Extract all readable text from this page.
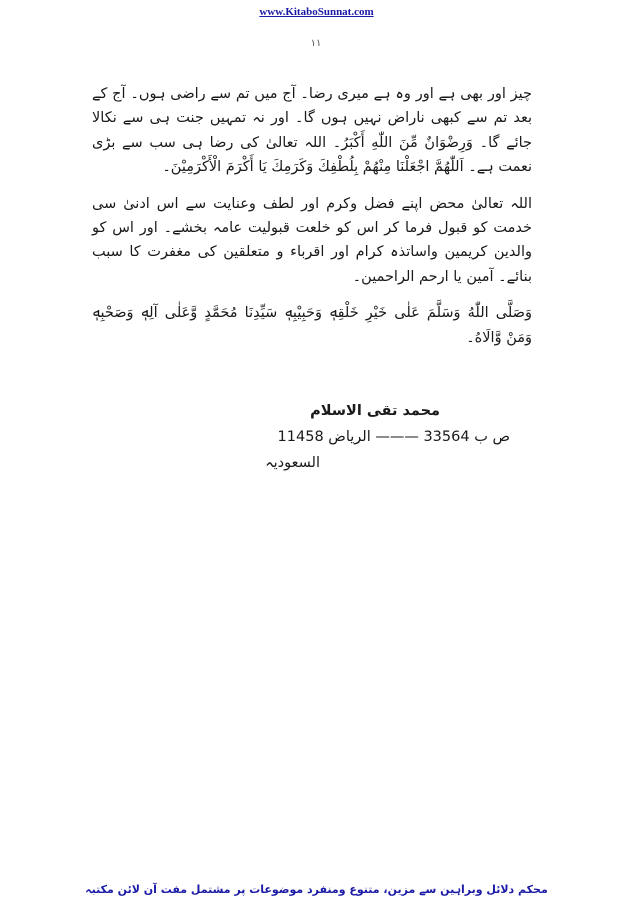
www.KitaboSunnat.com
۱۱

چیز اور بھی ہے اور وہ ہے میری رضا۔ آج میں تم سے راضی ہوں۔ آج کے بعد تم سے کبھی ناراض نہیں ہوں گا۔ اور نہ تمہیں جنت ہی سے نکالا جائے گا۔ وَرِضْوَانٌ مِّنَ اللّٰهِ أَكْبَرُ۔ اللہ تعالیٰ کی رضا ہی سب سے بڑی نعمت ہے۔ اَللّٰهُمَّ اجْعَلْنَا مِنْهُمْ بِلُطْفِكَ وَكَرَمِكَ يَا أَكْرَمَ الْأَكْرَمِيْنَ۔

اللہ تعالیٰ محض اپنے فضل وکرم اور لطف وعنایت سے اس ادنیٰ سی خدمت کو قبول فرما کر اس کو خلعت قبولیت عامہ بخشے۔ اور اس کو والدین کریمین واساتذہ کرام اور اقرباء و متعلقین کی مغفرت کا سبب بنائے۔ آمین یا ارحم الراحمین۔

وَصَلَّى اللّٰهُ وَسَلَّمَ عَلٰى خَيْرِ خَلْقِهٖ وَحَبِيْبِهٖ سَيِّدِنَا مُحَمَّدٍ وَّعَلٰى آلِهٖ وَصَحْبِهٖ وَمَنْ وَّالَاهُ۔

محمد تقی الاسلام
ص ب 33564 ——— الریاض 11458
السعودیہ
محکم دلائل وبراہین سے مزین، متنوع ومنفرد موضوعات پر مشتمل مفت آن لائن مکتبہ
